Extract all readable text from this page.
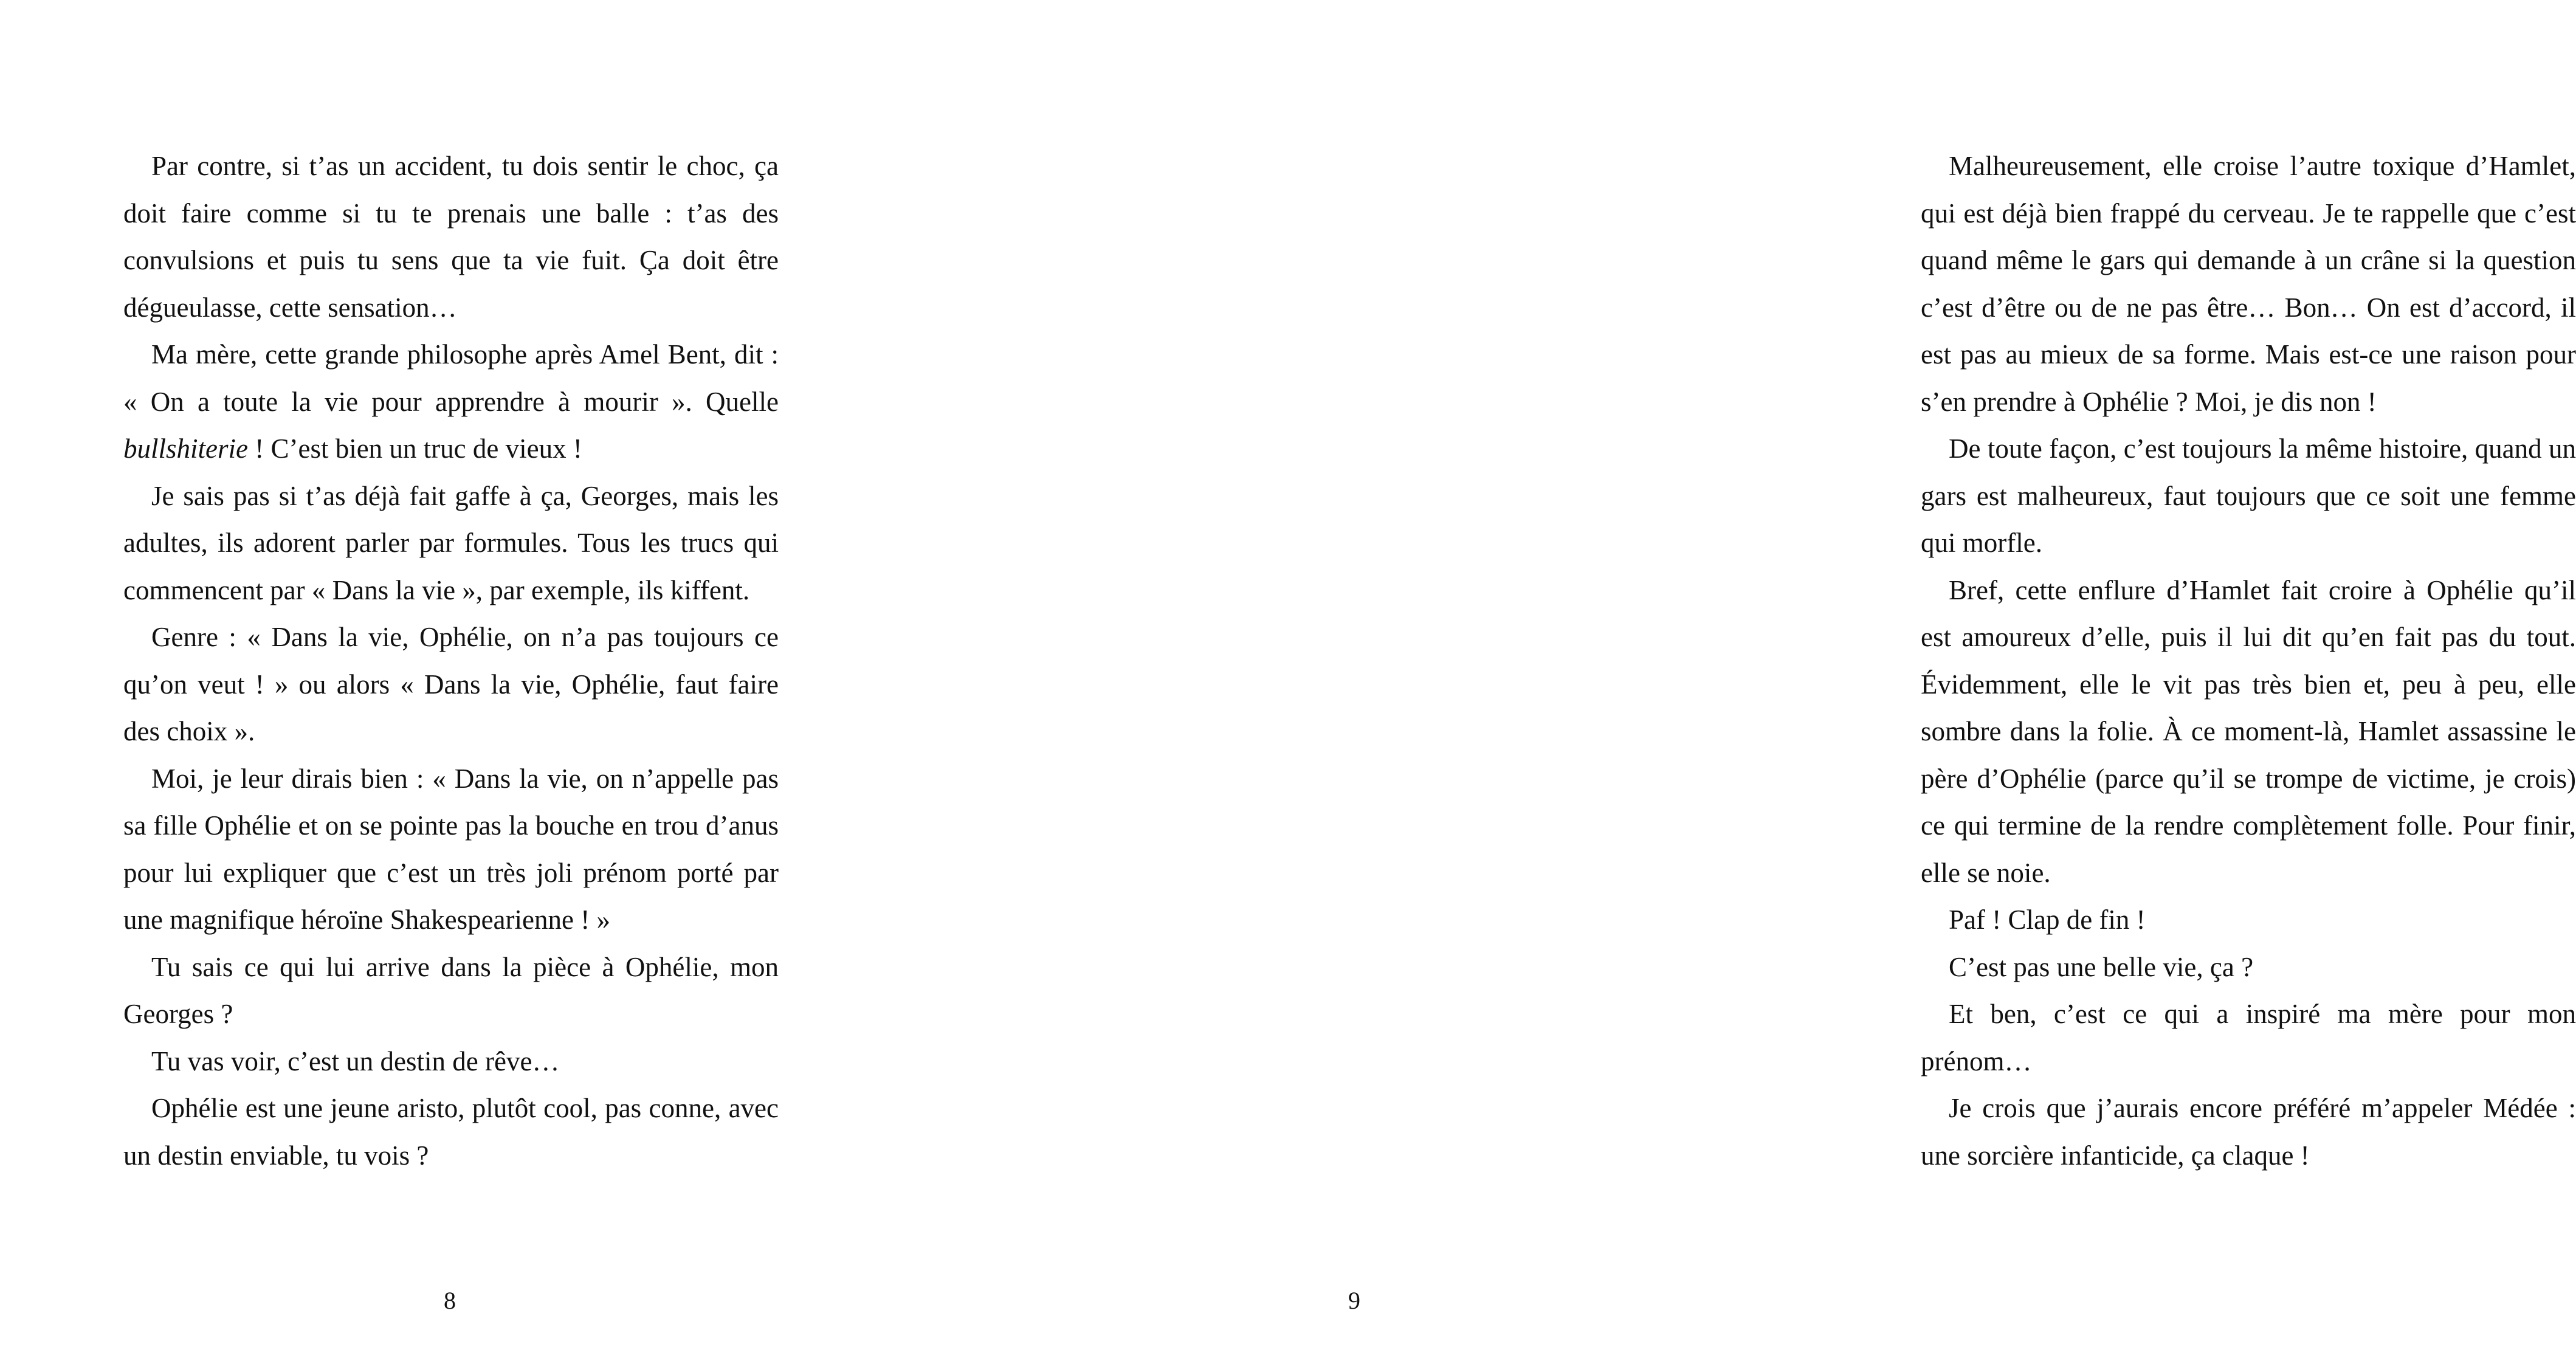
Par contre, si t’as un accident, tu dois sentir le choc, ça doit faire comme si tu te prenais une balle : t’as des convulsions et puis tu sens que ta vie fuit. Ça doit être dégueulasse, cette sensation…

Ma mère, cette grande philosophe après Amel Bent, dit : « On a toute la vie pour apprendre à mourir ». Quelle bullshiterie ! C’est bien un truc de vieux !

Je sais pas si t’as déjà fait gaffe à ça, Georges, mais les adultes, ils adorent parler par formules. Tous les trucs qui commencent par « Dans la vie », par exemple, ils kiffent.

Genre : « Dans la vie, Ophélie, on n’a pas toujours ce qu’on veut ! » ou alors « Dans la vie, Ophélie, faut faire des choix ».

Moi, je leur dirais bien : « Dans la vie, on n’appelle pas sa fille Ophélie et on se pointe pas la bouche en trou d’anus pour lui expliquer que c’est un très joli prénom porté par une magnifique héroïne Shakespearienne ! »

Tu sais ce qui lui arrive dans la pièce à Ophélie, mon Georges ?

Tu vas voir, c’est un destin de rêve…

Ophélie est une jeune aristo, plutôt cool, pas conne, avec un destin enviable, tu vois ?

8

Malheureusement, elle croise l’autre toxique d’Hamlet, qui est déjà bien frappé du cerveau. Je te rappelle que c’est quand même le gars qui demande à un crâne si la question c’est d’être ou de ne pas être… Bon… On est d’accord, il est pas au mieux de sa forme. Mais est-ce une raison pour s’en prendre à Ophélie ? Moi, je dis non !

De toute façon, c’est toujours la même histoire, quand un gars est malheureux, faut toujours que ce soit une femme qui morfle.

Bref, cette enflure d’Hamlet fait croire à Ophélie qu’il est amoureux d’elle, puis il lui dit qu’en fait pas du tout. Évidemment, elle le vit pas très bien et, peu à peu, elle sombre dans la folie. À ce moment-là, Hamlet assassine le père d’Ophélie (parce qu’il se trompe de victime, je crois) ce qui termine de la rendre complètement folle. Pour finir, elle se noie.

Paf ! Clap de fin !

C’est pas une belle vie, ça ?

Et ben, c’est ce qui a inspiré ma mère pour mon prénom…

Je crois que j’aurais encore préféré m’appeler Médée : une sorcière infanticide, ça claque !

9
